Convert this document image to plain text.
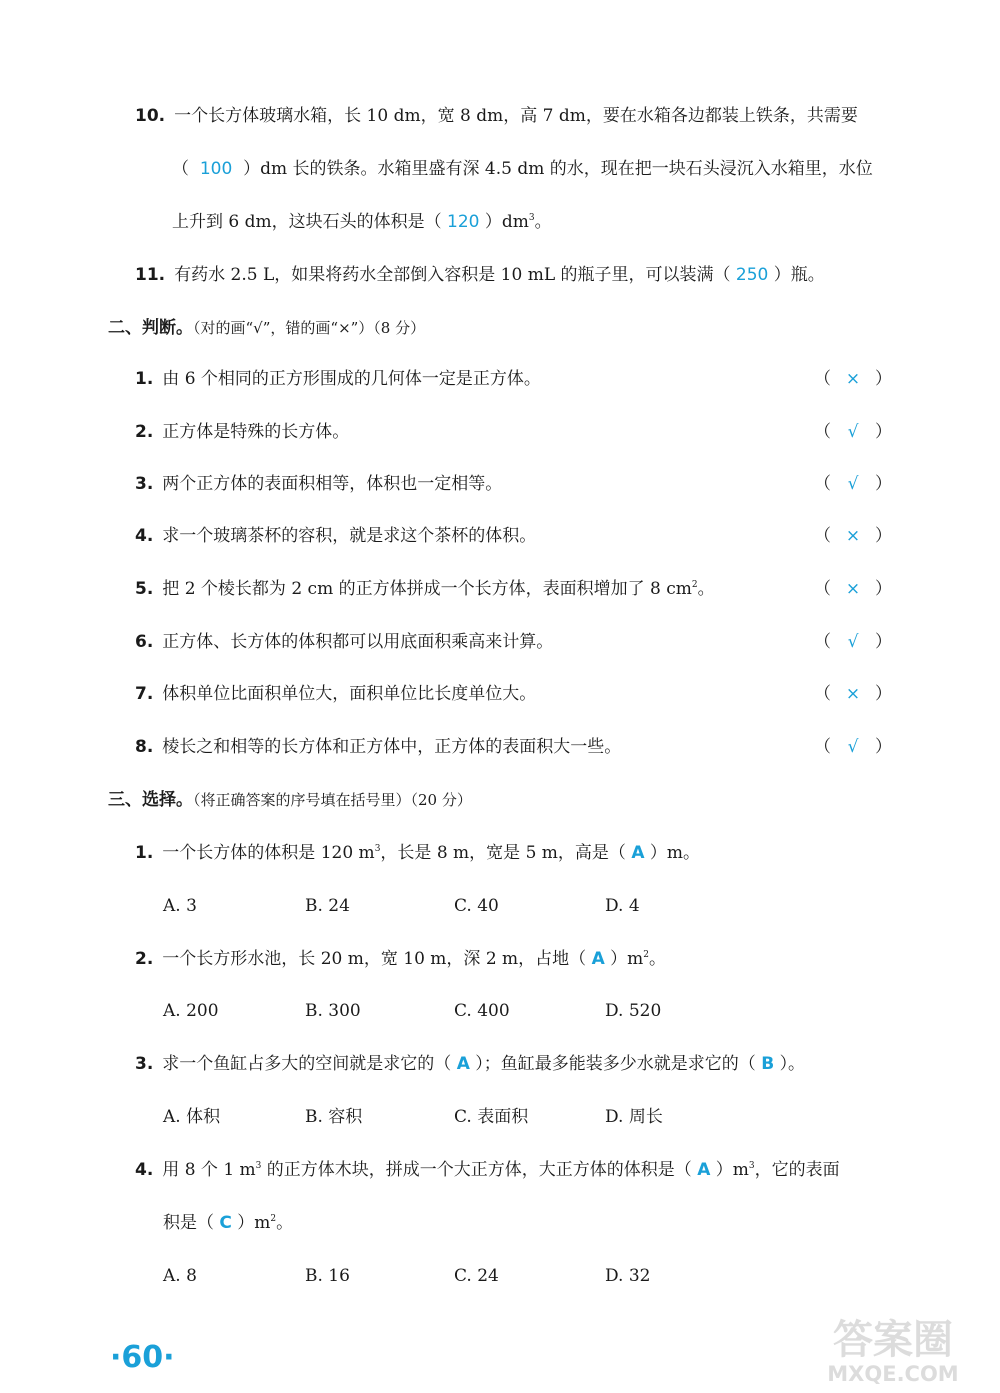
10. 一个长方体玻璃水箱，长 10 dm，宽 8 dm，高 7 dm，要在水箱各边都装上铁条，共需要
（ 100 ）dm 长的铁条。水箱里盛有深 4.5 dm 的水，现在把一块石头浸沉入水箱里，水位
上升到 6 dm，这块石头的体积是（ 120 ）$dm^3$。
11. 有药水 2.5 L，如果将药水全部倒入容积是 10 mL 的瓶子里，可以装满（ 250 ）瓶。
二、判断。（对的画“√”，错的画“×”）（8 分）
1. 由 6 个相同的正方形围成的几何体一定是正方体。	（ × ）
2. 正方体是特殊的长方体。	（ √ ）
3. 两个正方体的表面积相等，体积也一定相等。	（ √ ）
4. 求一个玻璃茶杯的容积，就是求这个茶杯的体积。	（ × ）
5. 把 2 个棱长都为 2 cm 的正方体拼成一个长方体，表面积增加了 8 $cm^2$。	（ × ）
6. 正方体、长方体的体积都可以用底面积乘高来计算。	（ √ ）
7. 体积单位比面积单位大，面积单位比长度单位大。	（ × ）
8. 棱长之和相等的长方体和正方体中，正方体的表面积大一些。	（ √ ）
三、选择。（将正确答案的序号填在括号里）（20 分）
1. 一个长方体的体积是 120 $m^3$，长是 8 m，宽是 5 m，高是（ A ）m。
A. 3	B. 24	C. 40	D. 4
2. 一个长方形水池，长 20 m，宽 10 m，深 2 m，占地（ A ）$m^2$。
A. 200	B. 300	C. 400	D. 520
3. 求一个鱼缸占多大的空间就是求它的（ A ）；鱼缸最多能装多少水就是求它的（ B ）。
A. 体积	B. 容积	C. 表面积	D. 周长
4. 用 8 个 1 $m^3$ 的正方体木块，拼成一个大正方体，大正方体的体积是（ A ）$m^3$，它的表面
积是（ C ）$m^2$。
A. 8	B. 16	C. 24	D. 32
·60·	答案圈
MXQE.COM
